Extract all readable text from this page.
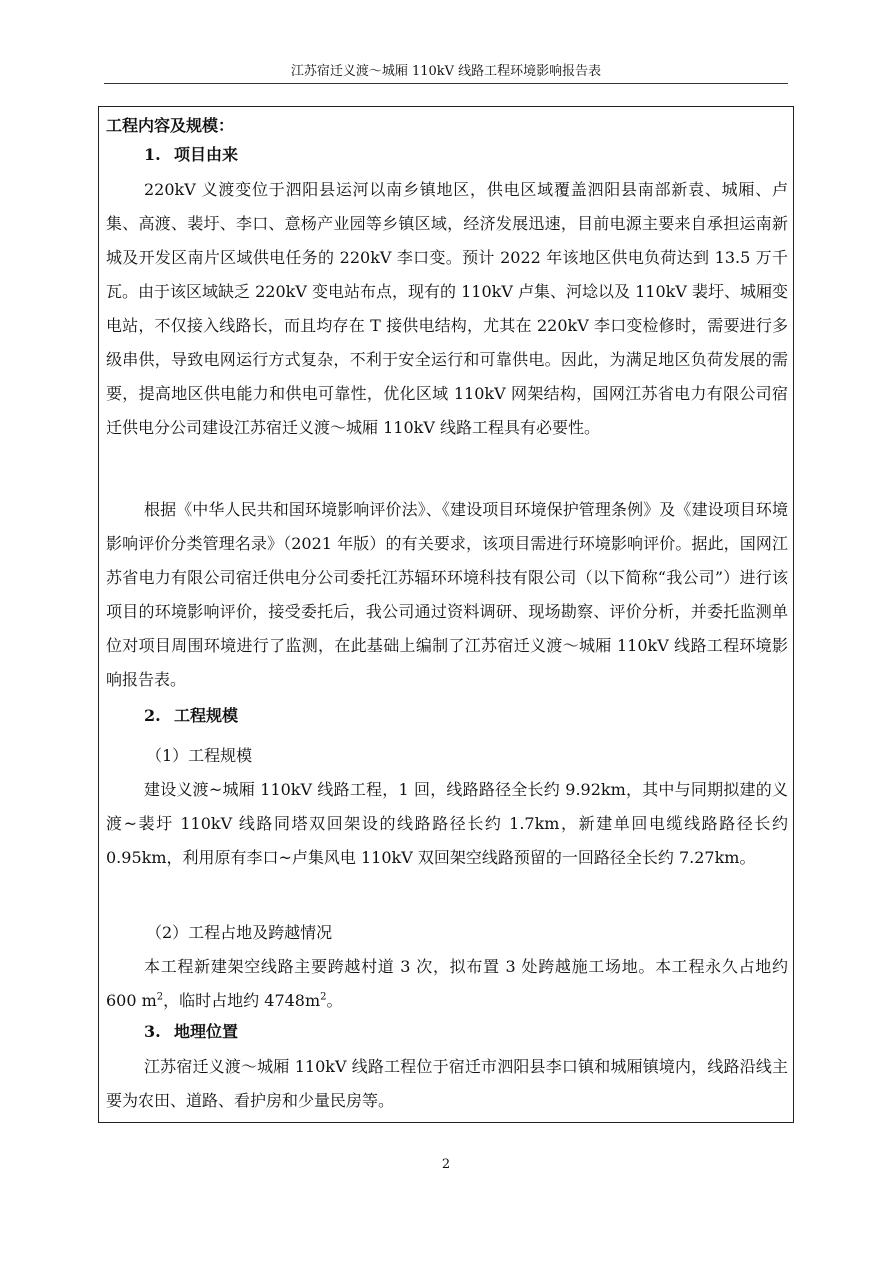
江苏宿迁义渡～城厢 110kV 线路工程环境影响报告表
工程内容及规模：
1. 项目由来

220kV 义渡变位于泗阳县运河以南乡镇地区，供电区域覆盖泗阳县南部新袁、城厢、卢集、高渡、裴圩、李口、意杨产业园等乡镇区域，经济发展迅速，目前电源主要来自承担运南新城及开发区南片区域供电任务的 220kV 李口变。预计 2022 年该地区供电负荷达到 13.5 万千瓦。由于该区域缺乏 220kV 变电站布点，现有的 110kV 卢集、河埝以及 110kV 裴圩、城厢变电站，不仅接入线路长，而且均存在 T 接供电结构，尤其在 220kV 李口变检修时，需要进行多级串供，导致电网运行方式复杂，不利于安全运行和可靠供电。因此，为满足地区负荷发展的需要，提高地区供电能力和供电可靠性，优化区域 110kV 网架结构，国网江苏省电力有限公司宿迁供电分公司建设江苏宿迁义渡～城厢 110kV 线路工程具有必要性。

根据《中华人民共和国环境影响评价法》、《建设项目环境保护管理条例》及《建设项目环境影响评价分类管理名录》（2021 年版）的有关要求，该项目需进行环境影响评价。据此，国网江苏省电力有限公司宿迁供电分公司委托江苏辐环环境科技有限公司（以下简称“我公司”）进行该项目的环境影响评价，接受委托后，我公司通过资料调研、现场勘察、评价分析，并委托监测单位对项目周围环境进行了监测，在此基础上编制了江苏宿迁义渡～城厢 110kV 线路工程环境影响报告表。

2. 工程规模
（1）工程规模

建设义渡~城厢 110kV 线路工程，1 回，线路路径全长约 9.92km，其中与同期拟建的义渡~裴圩 110kV 线路同塔双回架设的线路路径长约 1.7km，新建单回电缆线路路径长约 0.95km，利用原有李口~卢集风电 110kV 双回架空线路预留的一回路径全长约 7.27km。

（2）工程占地及跨越情况

本工程新建架空线路主要跨越村道 3 次，拟布置 3 处跨越施工场地。本工程永久占地约 600 $m^2$，临时占地约 $4748m^2$。

3. 地理位置

江苏宿迁义渡～城厢 110kV 线路工程位于宿迁市泗阳县李口镇和城厢镇境内，线路沿线主要为农田、道路、看护房和少量民房等。

2
